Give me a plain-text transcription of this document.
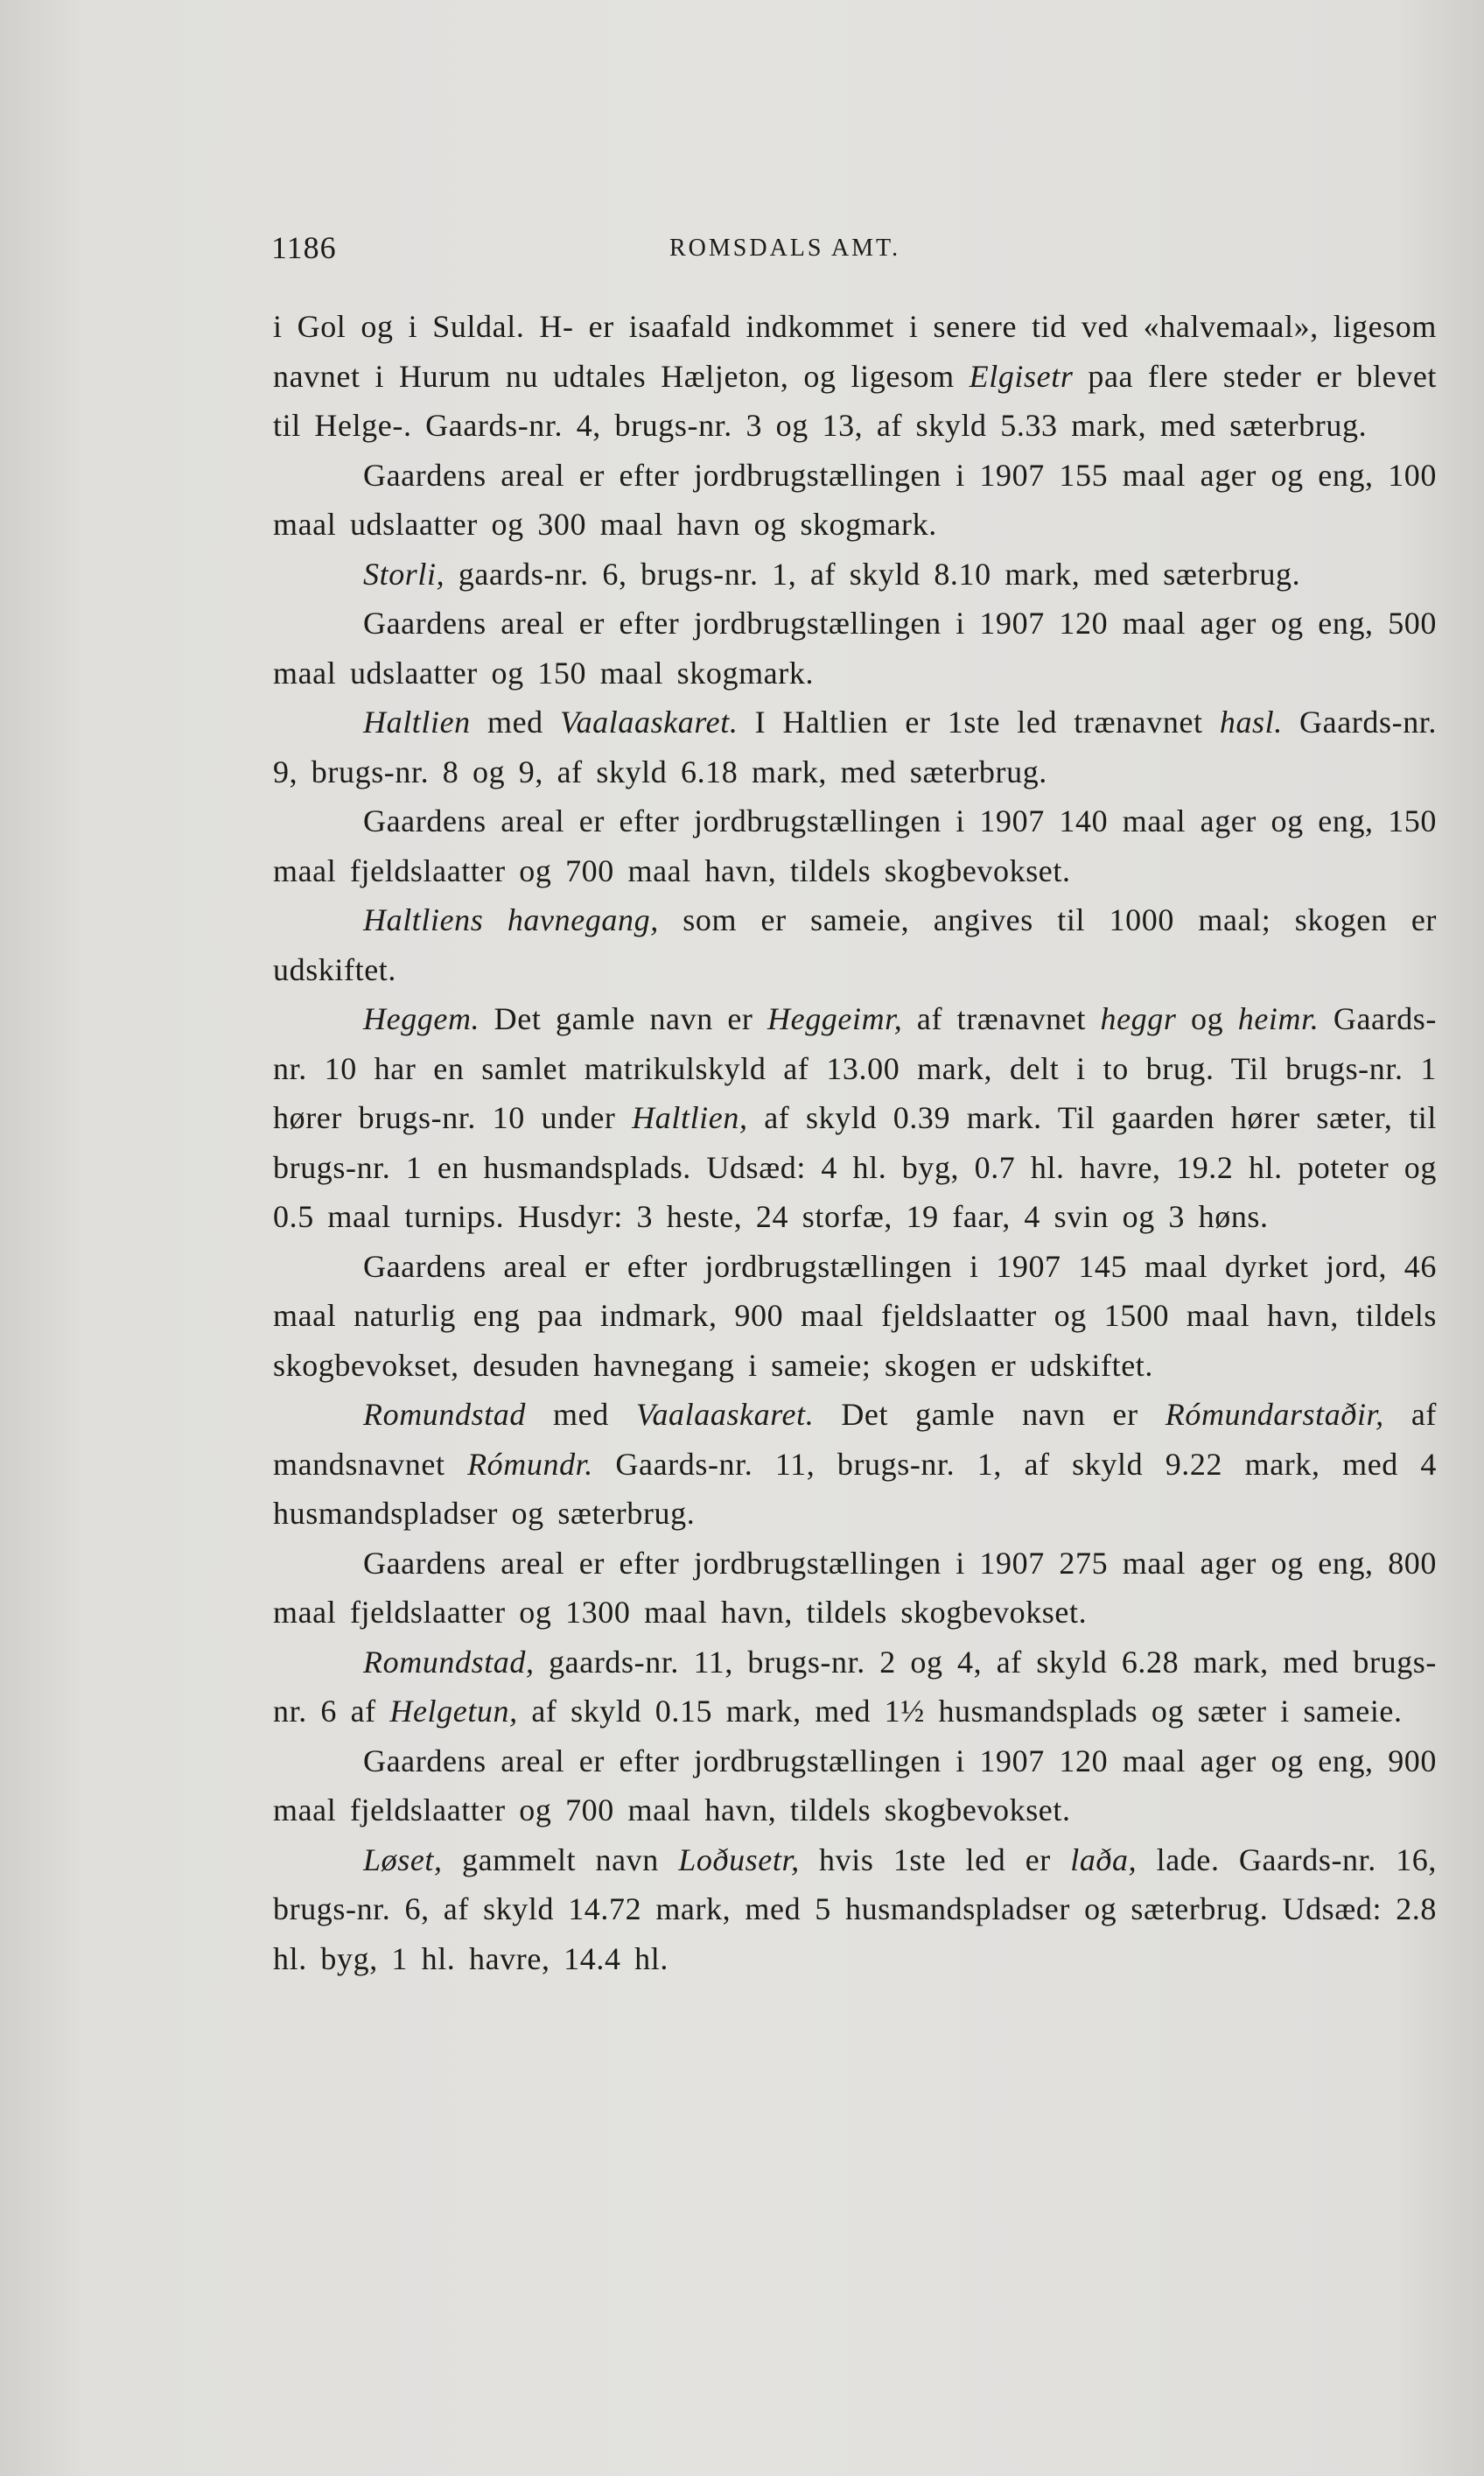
1186	ROMSDALS AMT.

i Gol og i Suldal. H- er isaafald indkommet i senere tid ved «halvemaal», ligesom navnet i Hurum nu udtales Hæljeton, og ligesom Elgisetr paa flere steder er blevet til Helge-. Gaards-nr. 4, brugs-nr. 3 og 13, af skyld 5.33 mark, med sæterbrug.

Gaardens areal er efter jordbrugstællingen i 1907 155 maal ager og eng, 100 maal udslaatter og 300 maal havn og skogmark.

Storli, gaards-nr. 6, brugs-nr. 1, af skyld 8.10 mark, med sæterbrug.

Gaardens areal er efter jordbrugstællingen i 1907 120 maal ager og eng, 500 maal udslaatter og 150 maal skogmark.

Haltlien med Vaalaaskaret. I Haltlien er 1ste led trænavnet hasl. Gaards-nr. 9, brugs-nr. 8 og 9, af skyld 6.18 mark, med sæterbrug.

Gaardens areal er efter jordbrugstællingen i 1907 140 maal ager og eng, 150 maal fjeldslaatter og 700 maal havn, tildels skogbevokset.

Haltliens havnegang, som er sameie, angives til 1000 maal; skogen er udskiftet.

Heggem. Det gamle navn er Heggeimr, af trænavnet heggr og heimr. Gaards-nr. 10 har en samlet matrikulskyld af 13.00 mark, delt i to brug. Til brugs-nr. 1 hører brugs-nr. 10 under Haltlien, af skyld 0.39 mark. Til gaarden hører sæter, til brugs-nr. 1 en husmandsplads. Udsæd: 4 hl. byg, 0.7 hl. havre, 19.2 hl. poteter og 0.5 maal turnips. Husdyr: 3 heste, 24 storfæ, 19 faar, 4 svin og 3 høns.

Gaardens areal er efter jordbrugstællingen i 1907 145 maal dyrket jord, 46 maal naturlig eng paa indmark, 900 maal fjeldslaatter og 1500 maal havn, tildels skogbevokset, desuden havnegang i sameie; skogen er udskiftet.

Romundstad med Vaalaaskaret. Det gamle navn er Rómundarstaðir, af mandsnavnet Rómundr. Gaards-nr. 11, brugs-nr. 1, af skyld 9.22 mark, med 4 husmandspladser og sæterbrug.

Gaardens areal er efter jordbrugstællingen i 1907 275 maal ager og eng, 800 maal fjeldslaatter og 1300 maal havn, tildels skogbevokset.

Romundstad, gaards-nr. 11, brugs-nr. 2 og 4, af skyld 6.28 mark, med brugs-nr. 6 af Helgetun, af skyld 0.15 mark, med 1½ husmandsplads og sæter i sameie.

Gaardens areal er efter jordbrugstællingen i 1907 120 maal ager og eng, 900 maal fjeldslaatter og 700 maal havn, tildels skogbevokset.

Løset, gammelt navn Loðusetr, hvis 1ste led er laða, lade. Gaards-nr. 16, brugs-nr. 6, af skyld 14.72 mark, med 5 husmandspladser og sæterbrug. Udsæd: 2.8 hl. byg, 1 hl. havre, 14.4 hl.
